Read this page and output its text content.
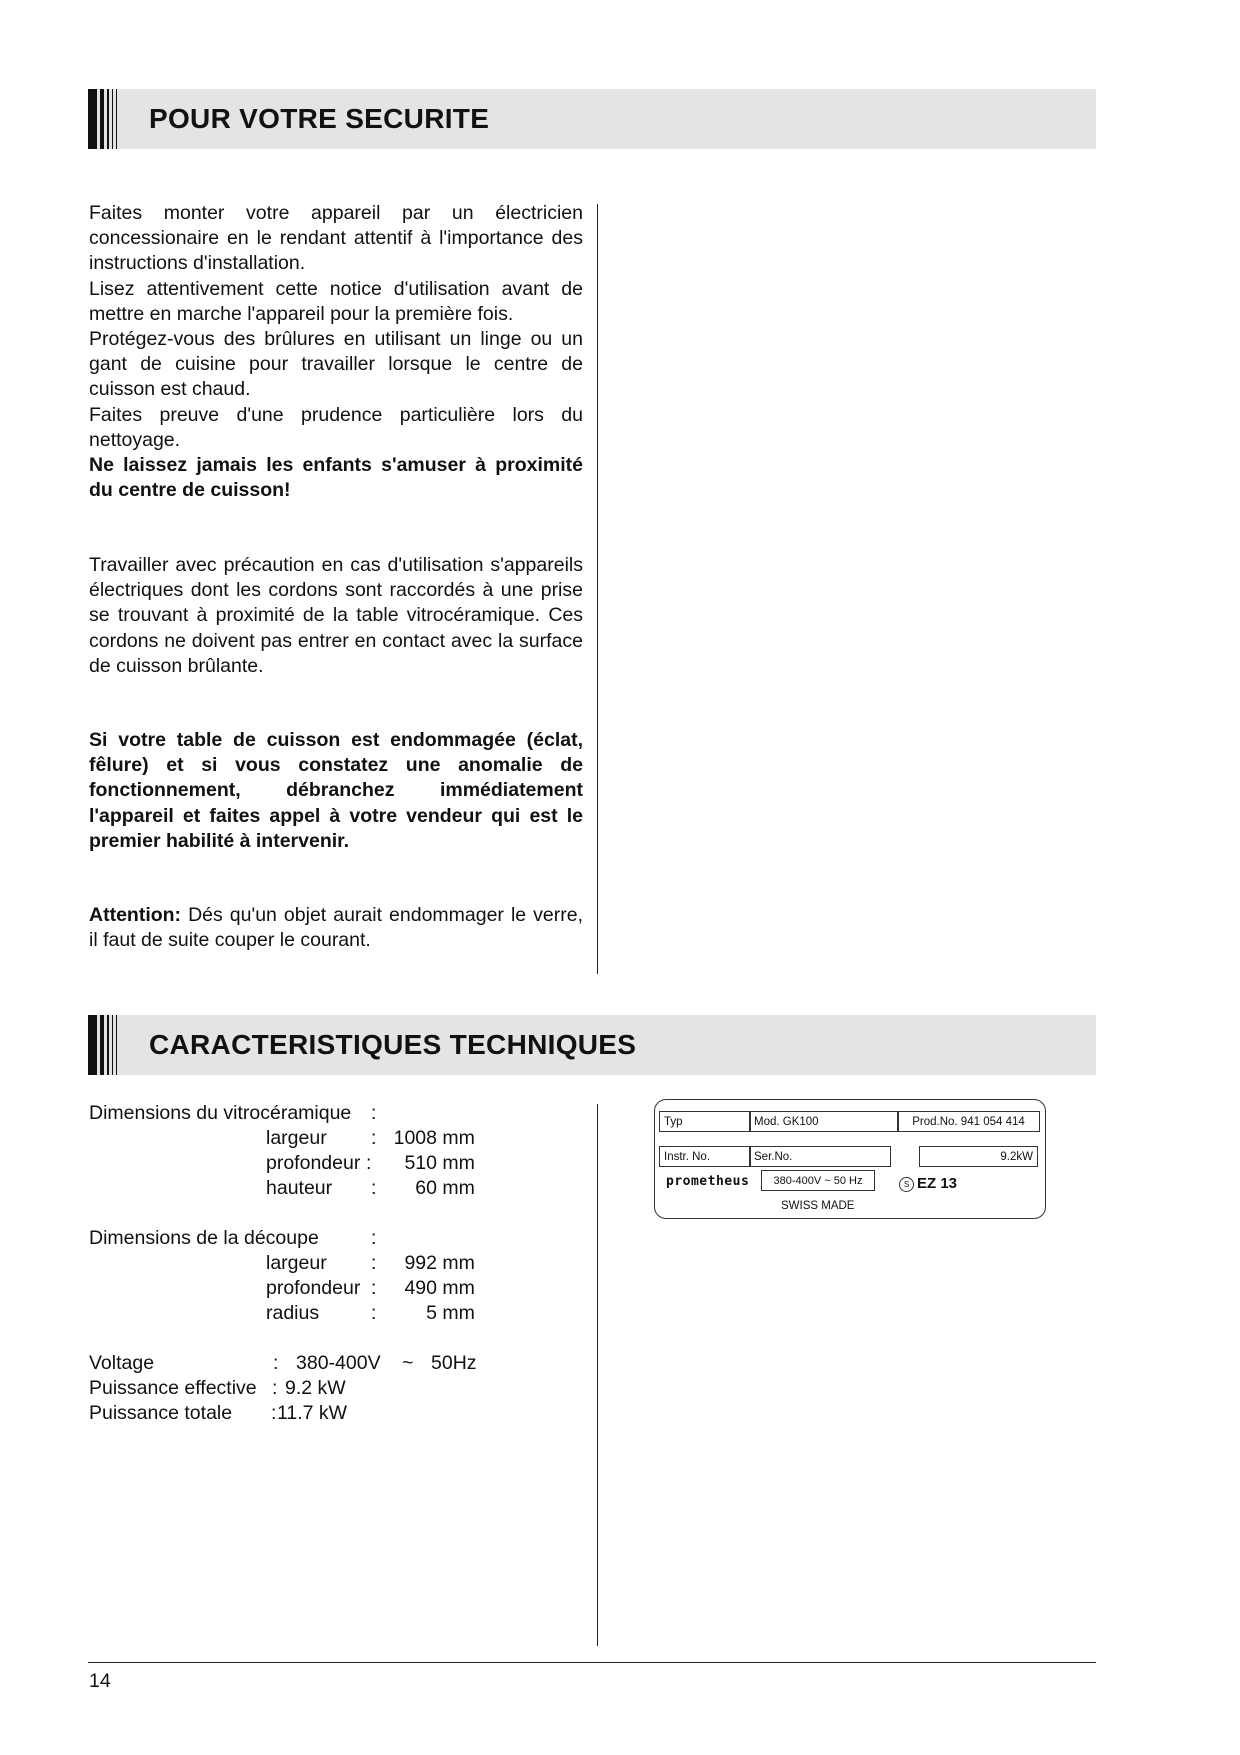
POUR VOTRE SECURITE

Faites monter votre appareil par un électricien concessionaire en le rendant attentif à l'importance des instructions d'installation.

Lisez attentivement cette notice d'utilisation avant de mettre en marche l'appareil pour la première fois.

Protégez-vous des brûlures en utilisant un linge ou un gant de cuisine pour travailler lorsque le centre de cuisson est chaud.

Faites preuve d'une prudence particulière lors du nettoyage.

Ne laissez jamais les enfants s'amuser à proximité du centre de cuisson!

Travailler avec précaution en cas d'utilisation s'appareils électriques dont les cordons sont raccordés à une prise se trouvant à proximité de la table vitrocéramique. Ces cordons ne doivent pas entrer en contact avec la surface de cuisson brûlante.

Si votre table de cuisson est endommagée (éclat, fêlure) et si vous constatez une anomalie de fonctionnement, débranchez immédiatement l'appareil et faites appel à votre vendeur qui est le premier habilité à intervenir.

Attention: Dés qu'un objet aurait endommager le verre, il faut de suite couper le courant.

CARACTERISTIQUES TECHNIQUES
Dimensions du vitrocéramique :
largeur : 1008 mm
profondeur :	510 mm
hauteur :	60 mm
Dimensions de la découpe	:
largeur :	992 mm
profondeur :	490 mm
radius	:	5 mm
Voltage	: 380-400V ~ 50Hz
Puissance effective : 9.2 kW
Puissance totale : 11.7 kW
Typ	Mod. GK100	Prod.No. 941 054 414
Instr. No.	Ser.No.	9.2kW
380-400V ~ 50 Hz
prometheus	S EZ 13
SWISS MADE
14
